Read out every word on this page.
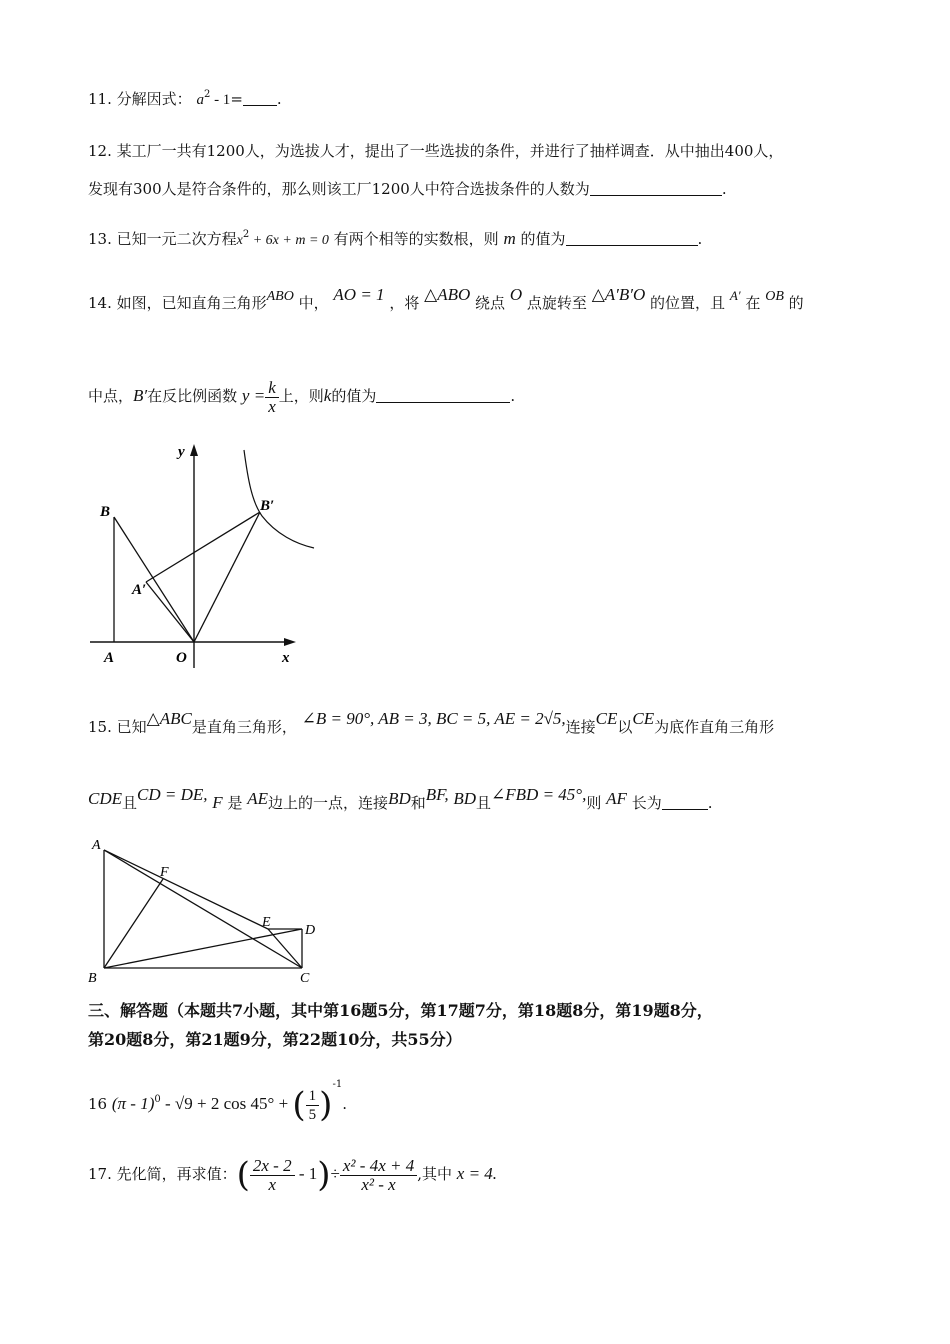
11. 分解因式： $a^2 - 1=$ .
12. 某工厂一共有1200人，为选拔人才，提出了一些选拔的条件，并进行了抽样调查．从中抽出400人，
发现有300人是符合条件的，那么则该工厂1200人中符合选拔条件的人数为	.
13. 已知一元二次方程$x^2 + 6x + m = 0$ 有两个相等的实数根，则 m 的值为	.
14. 如图，已知直角三角形ABO 中， AO = 1 ，将 △ABO 绕点 O 点旋转至 △A′B′O 的位置，且 A′ 在 OB 的
中点，B′在反比例函数 $y = \frac{k}{x}$ 上，则k的值为	.
y
x
B	B′
A
A′
O
15. 已知△ABC是直角三角形， ∠B = 90°, AB = 3, BC = 5, AE = 2√5,连接CE以CE为底作直角三角形
CDE且CD = DE, F 是 AE边上的一点，连接BD和BF, BD且∠FBD = 45°,则 AF 长为	.
A
F
E
D
B	C
三、解答题（本题共7小题，其中第16题5分，第17题7分，第18题8分，第19题8分，
第20题8分，第21题9分，第22题10分，共55分）
16 (π - 1)$^0$ - √9 + 2 cos 45° + ( $\frac{1}{5} )^{-1}$.
17. 先化简，再求值：( $\frac{2x - 2}{x} - 1)\div \frac{\text{x² - 4x + 4}}{\text{x² - x}}$ ,其中 x = 4.
